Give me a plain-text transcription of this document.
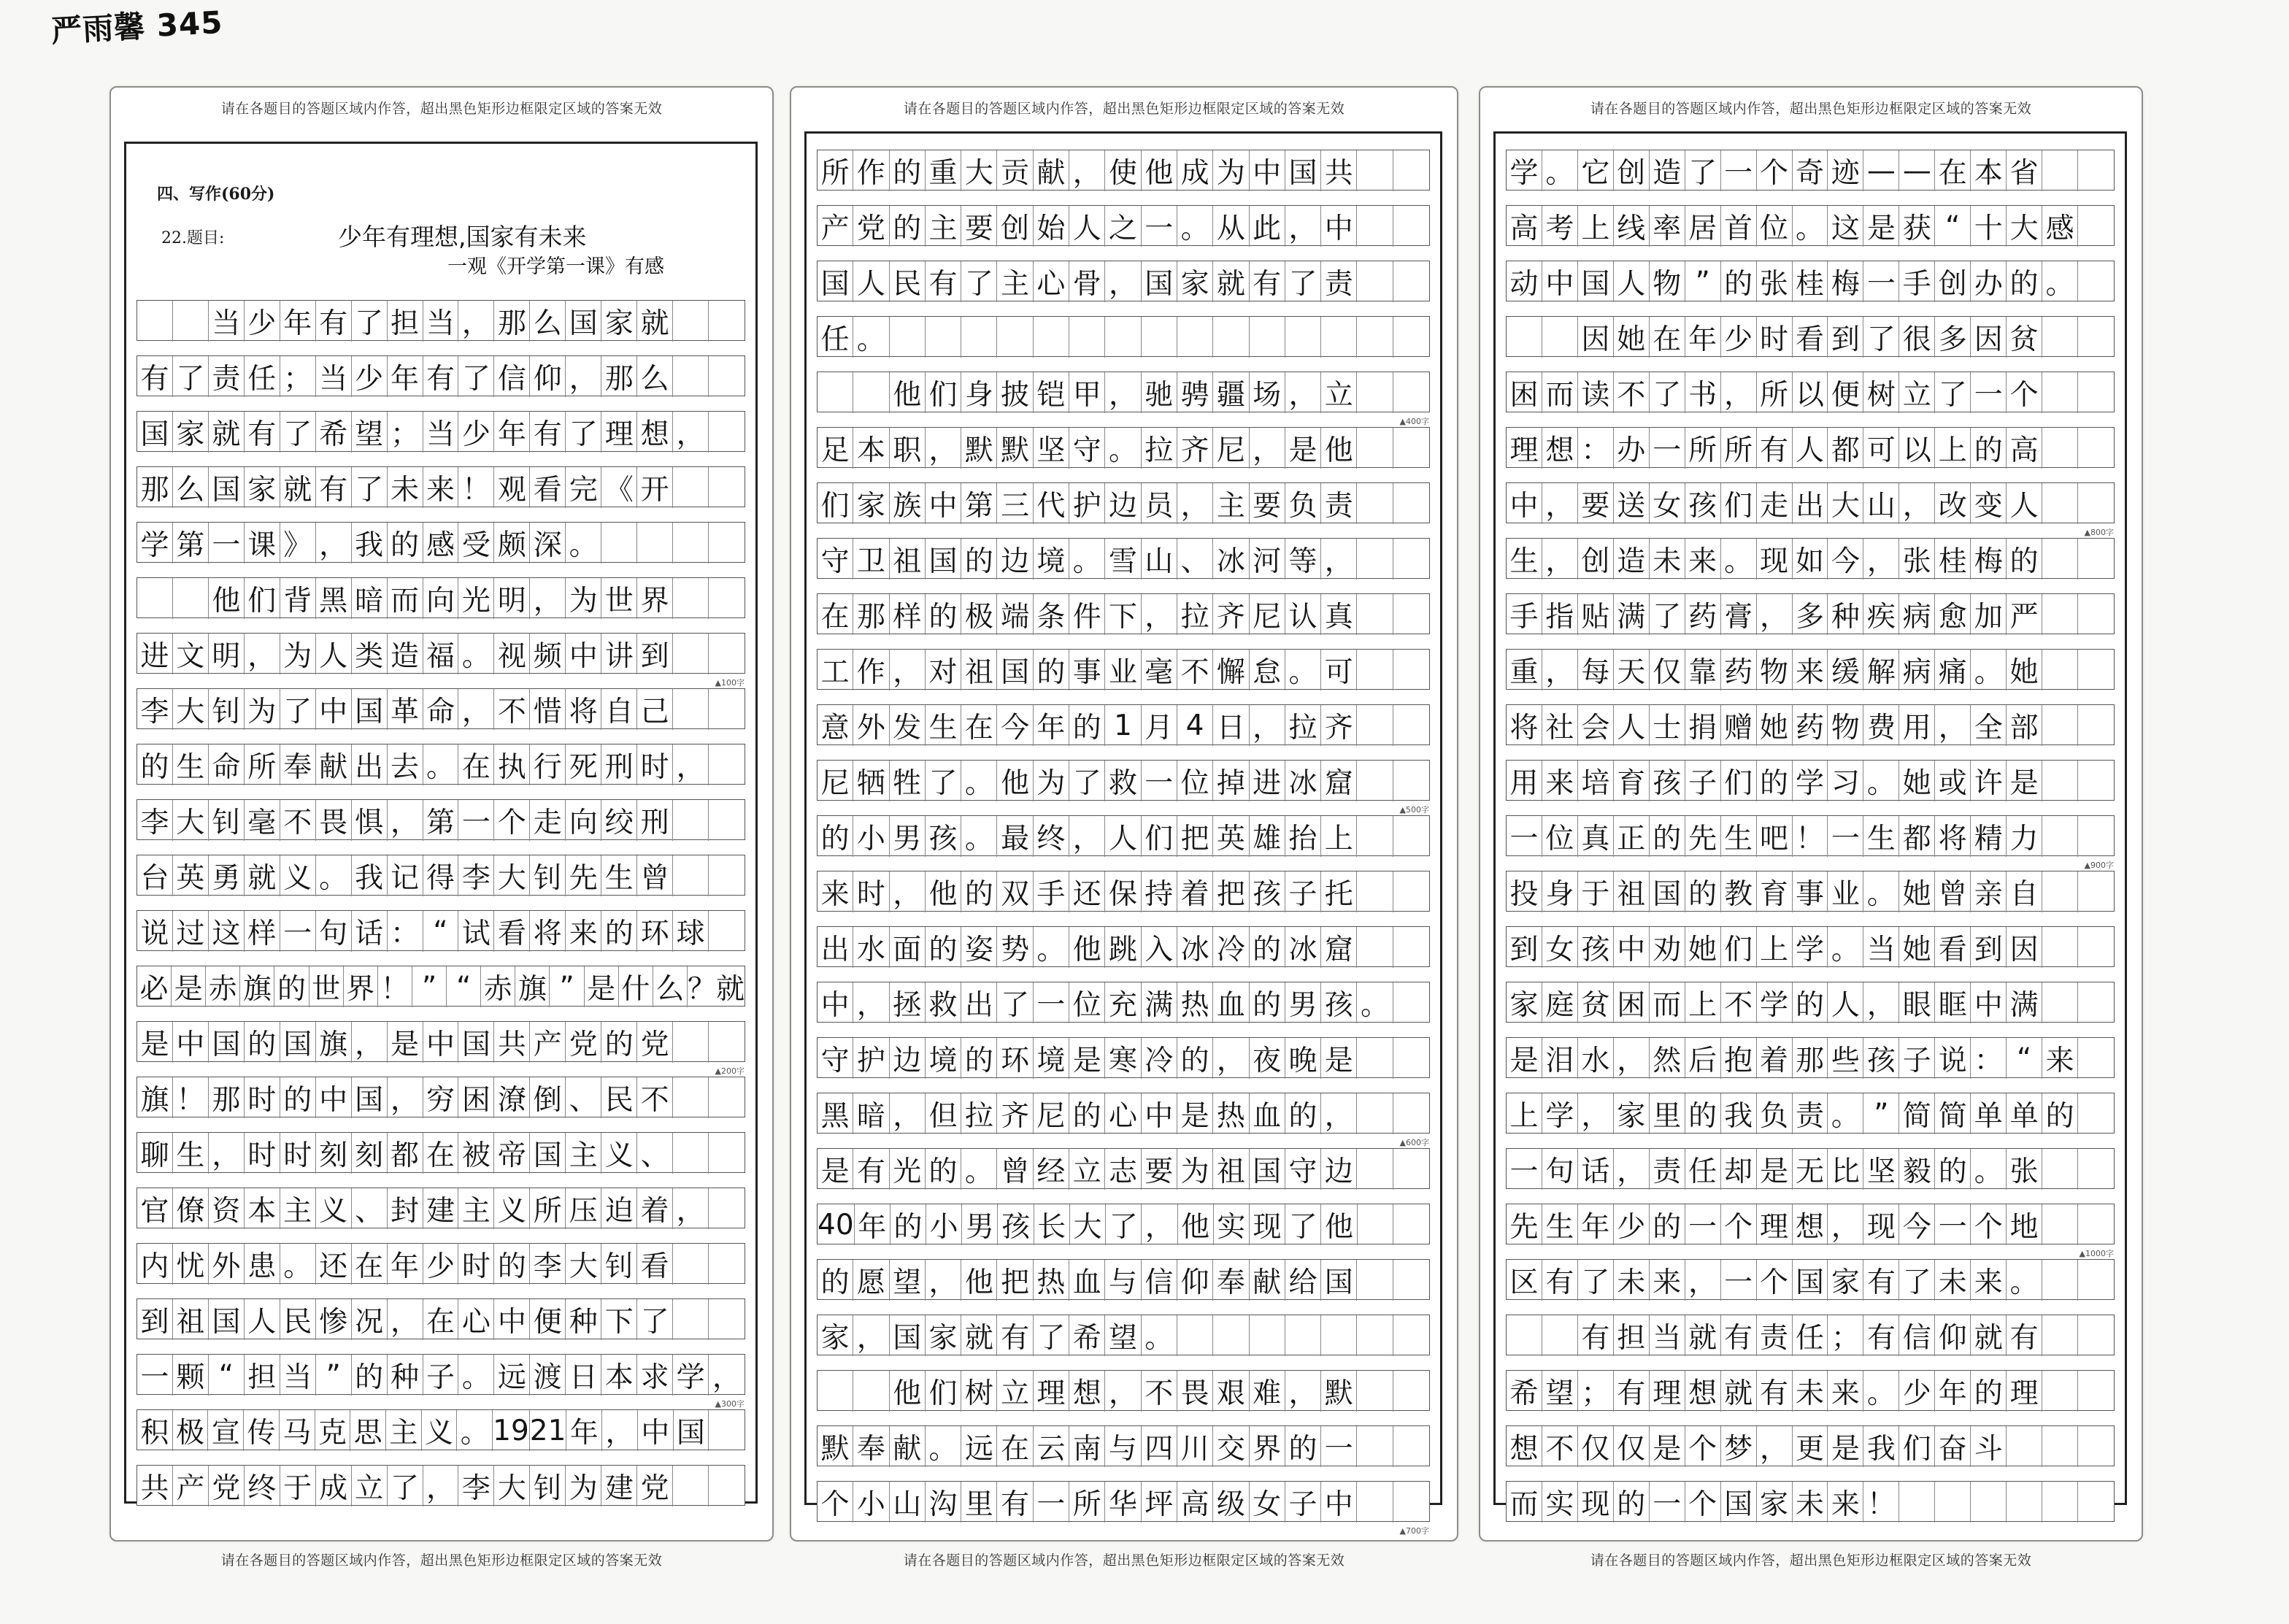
严雨馨 345
请在各题目的答题区域内作答，超出黑色矩形边框限定区域的答案无效
四、写作(60分)
22.题目:	少年有理想,国家有未来
一观《开学第一课》有感
当 少 年 有 了 担 当 ， 那 么 国 家 就
有 了 责 任 ； 当 少 年 有 了 信 仰 ， 那 么
国 家 就 有 了 希 望 ； 当 少 年 有 了 理 想 ，
那 么 国 家 就 有 了 未 来 ！ 观 看 完 《 开
学 第 一 课 》 ， 我 的 感 受 颇 深 。
他 们 背 黑 暗 而 向 光 明 ， 为 世 界
进 文 明 ， 为 人 类 造 福 。 视 频 中 讲 到
▲100字
李 大 钊 为 了 中 国 革 命 ， 不 惜 将 自 己
的 生 命 所 奉 献 出 去 。 在 执 行 死 刑 时 ，
李 大 钊 毫 不 畏 惧 ， 第 一 个 走 向 绞 刑
台 英 勇 就 义 。 我 记 得 李 大 钊 先 生 曾
说 过 这 样 一 句 话 ： “ 试 看 将 来 的 环 球
必 是 赤 旗 的 世 界 ！ ” “ 赤 旗 ” 是 什 么 ？就
是 中 国 的 国 旗 ， 是 中 国 共 产 党 的 党
▲200字
旗 ！ 那 时 的 中 国 ， 穷 困 潦 倒 、 民 不
聊 生 ， 时 时 刻 刻 都 在 被 帝 国 主 义 、
官 僚 资 本 主 义 、 封 建 主 义 所 压 迫 着 ，
内 忧 外 患 。 还 在 年 少 时 的 李 大 钊 看
到 祖 国 人 民 惨 况 ， 在 心 中 便 种 下 了
一 颗 “ 担 当 ” 的 种 子 。 远 渡 日 本 求 学 ，
▲300字
积 极 宣 传 马 克 思 主 义 。 19 21 年 ， 中 国
共 产 党 终 于 成 立 了 ， 李 大 钊 为 建 党
请在各题目的答题区域内作答，超出黑色矩形边框限定区域的答案无效
请在各题目的答题区域内作答，超出黑色矩形边框限定区域的答案无效
所 作 的 重 大 贡 献 ， 使 他 成 为 中 国 共
产 党 的 主 要 创 始 人 之 一 。 从 此 ， 中
国 人 民 有 了 主 心 骨 ， 国 家 就 有 了 责
任 。
他 们 身 披 铠 甲 ， 驰 骋 疆 场 ， 立
▲400字
足 本 职 ， 默 默 坚 守 。 拉 齐 尼 ， 是 他
们 家 族 中 第 三 代 护 边 员 ， 主 要 负 责
守 卫 祖 国 的 边 境 。 雪 山 、 冰 河 等 ，
在 那 样 的 极 端 条 件 下 ， 拉 齐 尼 认 真
工 作 ， 对 祖 国 的 事 业 毫 不 懈 怠 。 可
意 外 发 生 在 今 年 的 1 月 4 日 ， 拉 齐
尼 牺 牲 了 。 他 为 了 救 一 位 掉 进 冰 窟
▲500字
的 小 男 孩 。 最 终 ， 人 们 把 英 雄 抬 上
来 时 ， 他 的 双 手 还 保 持 着 把 孩 子 托
出 水 面 的 姿 势 。 他 跳 入 冰 冷 的 冰 窟
中 ， 拯 救 出 了 一 位 充 满 热 血 的 男 孩 。
守 护 边 境 的 环 境 是 寒 冷 的 ， 夜 晚 是
黑 暗 ， 但 拉 齐 尼 的 心 中 是 热 血 的 ，
▲600字
是 有 光 的 。 曾 经 立 志 要 为 祖 国 守 边
40 年 的 小 男 孩 长 大 了 ， 他 实 现 了 他
的 愿 望 ， 他 把 热 血 与 信 仰 奉 献 给 国
家 ， 国 家 就 有 了 希 望 。
他 们 树 立 理 想 ， 不 畏 艰 难 ， 默
默 奉 献 。 远 在 云 南 与 四 川 交 界 的 一
个 小 山 沟 里 有 一 所 华 坪 高 级 女 子 中
▲700字
请在各题目的答题区域内作答，超出黑色矩形边框限定区域的答案无效
请在各题目的答题区域内作答，超出黑色矩形边框限定区域的答案无效
学 。 它 创 造 了 一 个 奇 迹 — — 在 本 省
高 考 上 线 率 居 首 位 。 这 是 获 “ 十 大 感
动 中 国 人 物 ” 的 张 桂 梅 一 手 创 办 的 。
因 她 在 年 少 时 看 到 了 很 多 因 贫
困 而 读 不 了 书 ， 所 以 便 树 立 了 一 个
理 想 ： 办 一 所 所 有 人 都 可 以 上 的 高
中 ， 要 送 女 孩 们 走 出 大 山 ， 改 变 人
▲800字
生 ， 创 造 未 来 。 现 如 今 ， 张 桂 梅 的
手 指 贴 满 了 药 膏 ， 多 种 疾 病 愈 加 严
重 ， 每 天 仅 靠 药 物 来 缓 解 病 痛 。 她
将 社 会 人 士 捐 赠 她 药 物 费 用 ， 全 部
用 来 培 育 孩 子 们 的 学 习 。 她 或 许 是
一 位 真 正 的 先 生 吧 ！ 一 生 都 将 精 力
▲900字
投 身 于 祖 国 的 教 育 事 业 。 她 曾 亲 自
到 女 孩 中 劝 她 们 上 学 。 当 她 看 到 因
家 庭 贫 困 而 上 不 学 的 人 ， 眼 眶 中 满
是 泪 水 ， 然 后 抱 着 那 些 孩 子 说 ： “ 来
上 学 ， 家 里 的 我 负 责 。 ” 简 简 单 单 的
一 句 话 ， 责 任 却 是 无 比 坚 毅 的 。 张
先 生 年 少 的 一 个 理 想 ， 现 今 一 个 地
▲1000字
区 有 了 未 来 ， 一 个 国 家 有 了 未 来 。
有 担 当 就 有 责 任 ； 有 信 仰 就 有
希 望 ； 有 理 想 就 有 未 来 。 少 年 的 理
想 不 仅 仅 是 个 梦 ， 更 是 我 们 奋 斗
而 实 现 的 一 个 国 家 未 来 ！
请在各题目的答题区域内作答，超出黑色矩形边框限定区域的答案无效
